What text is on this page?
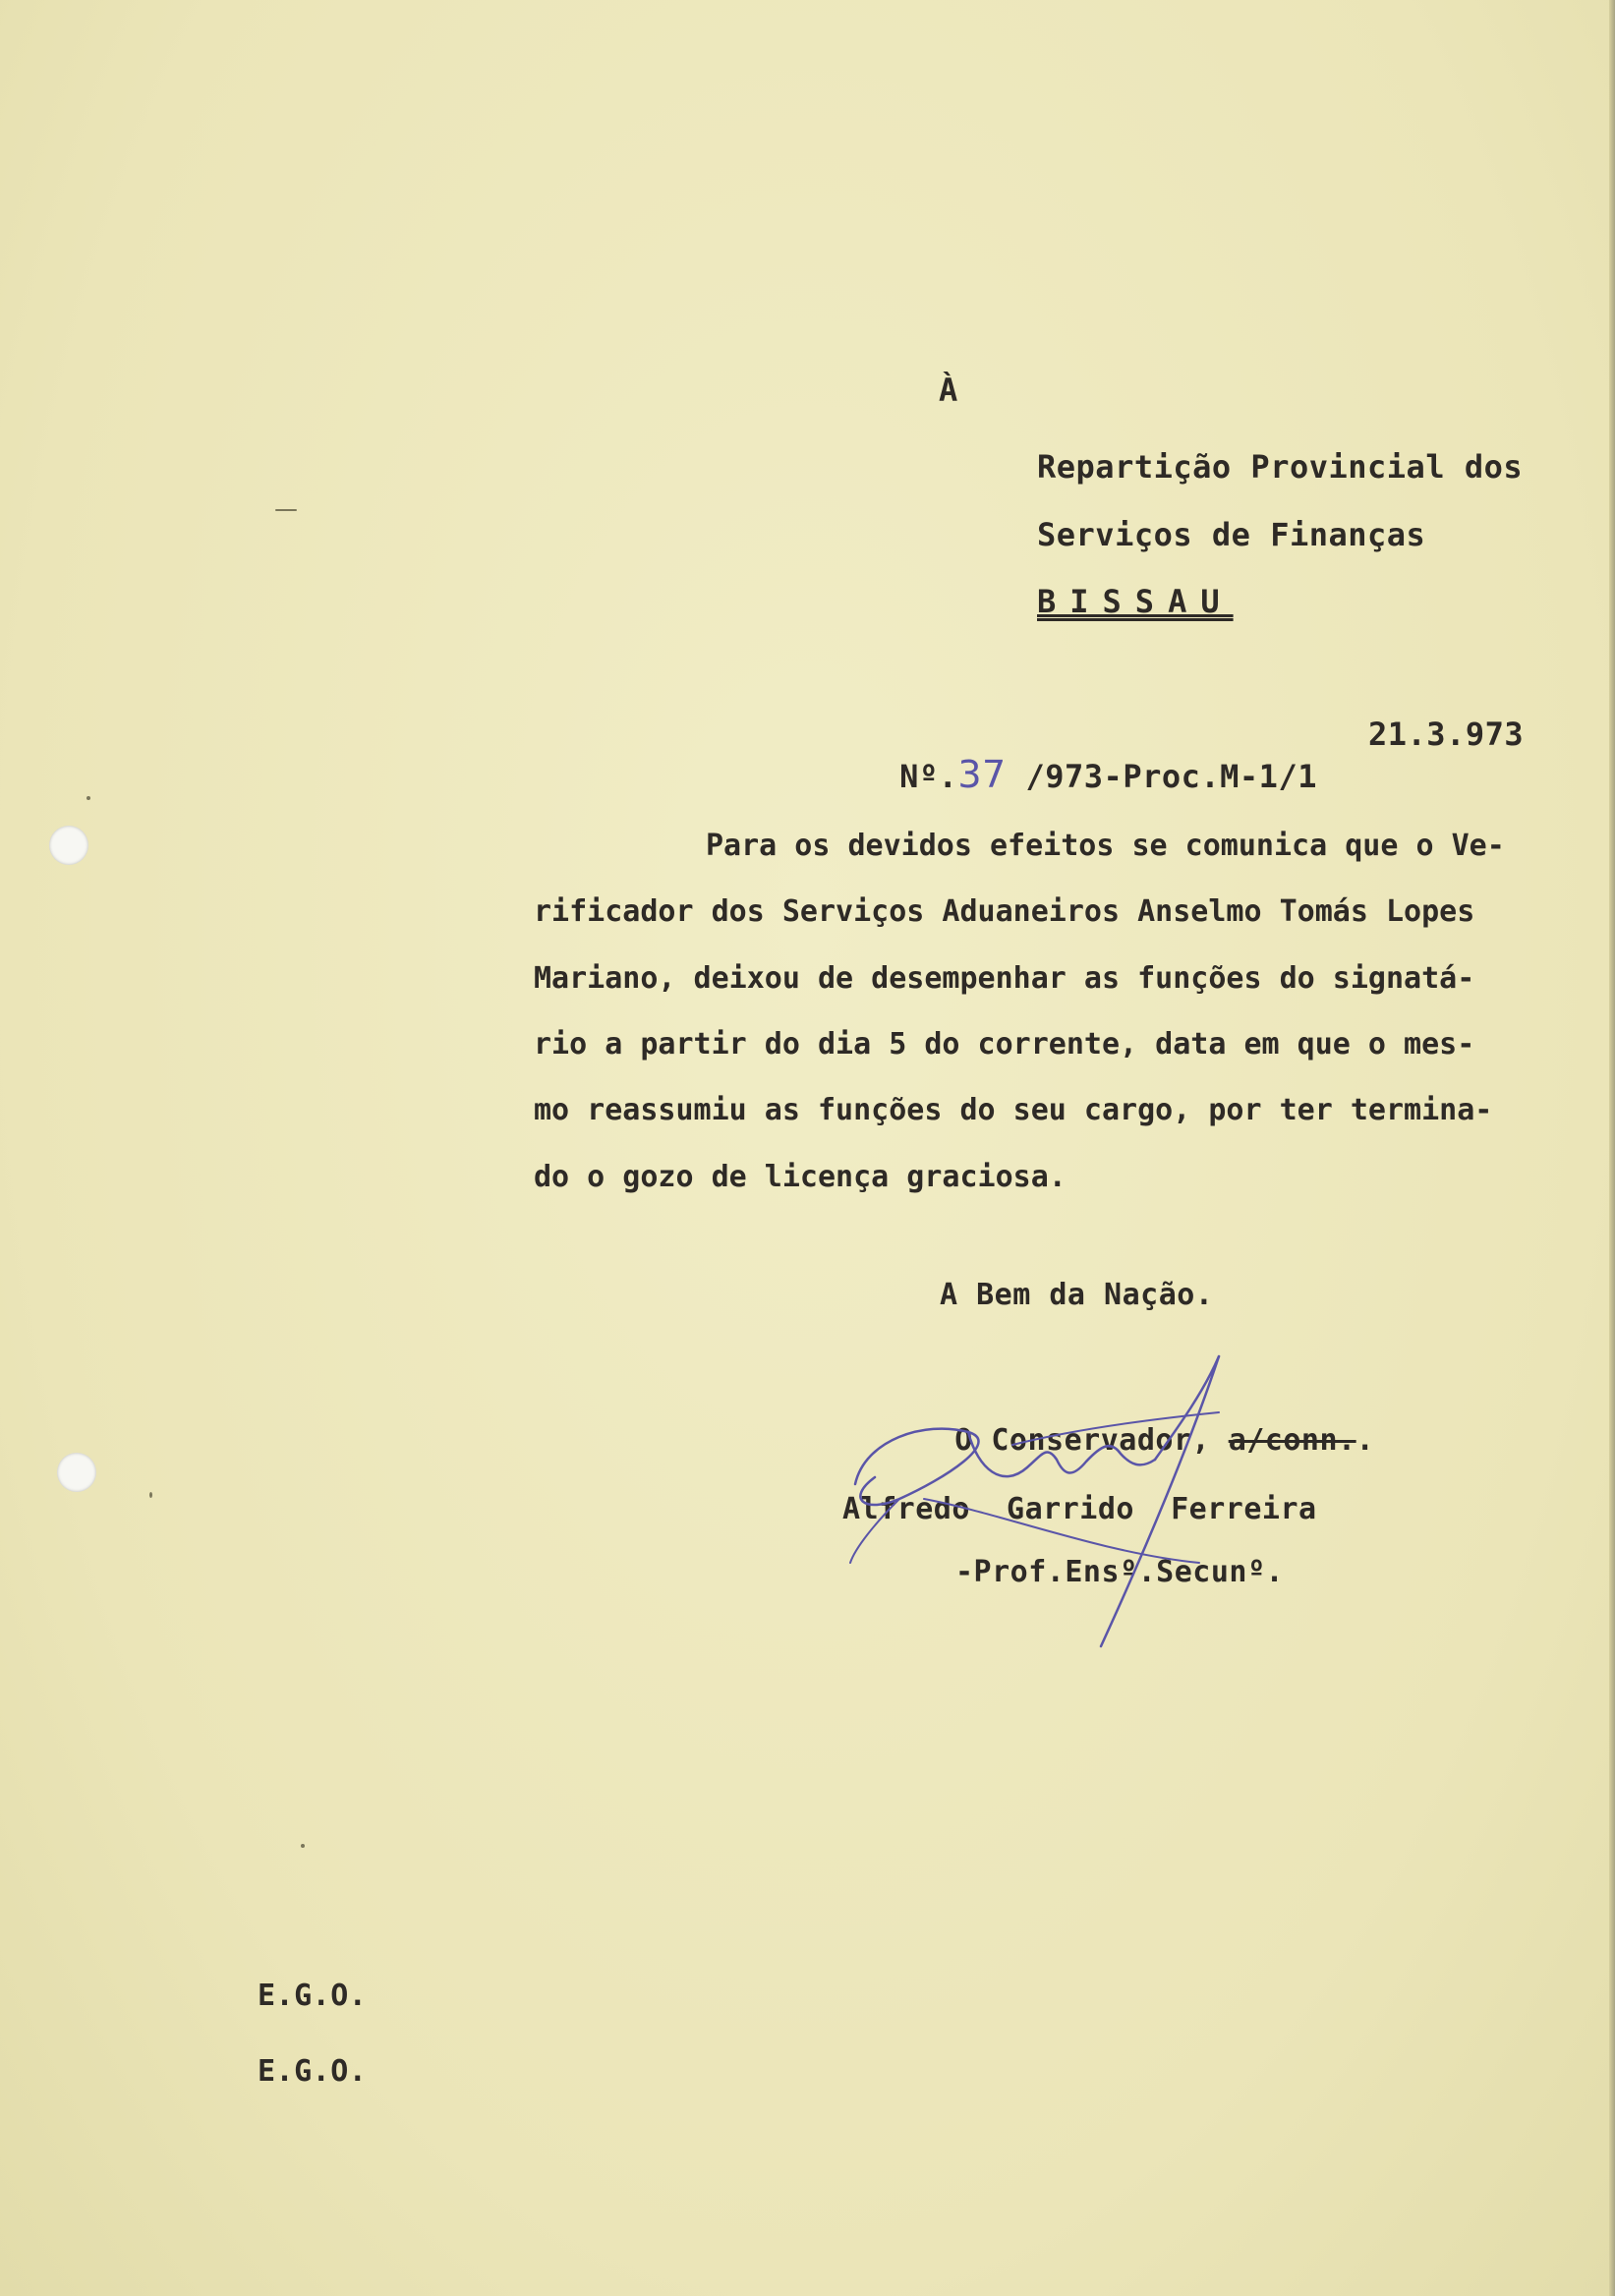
À
Repartição Provincial dos
Serviços de Finanças
BISSAU

Nº.37 /973-Proc.M-1/1

21.3.973
Para os devidos efeitos se comunica que o Ve-
rificador dos Serviços Aduaneiros Anselmo Tomás Lopes
Mariano, deixou de desempenhar as funções do signatá-
rio a partir do dia 5 do corrente, data em que o mes-
mo reassumiu as funções do seu cargo, por ter termina-
do o gozo de licença graciosa.
A Bem da Nação.

O Conservador, a/conn..

Alfredo  Garrido  Ferreira
-Prof.Ensº.Secunº.
E.G.O.
E.G.O.
